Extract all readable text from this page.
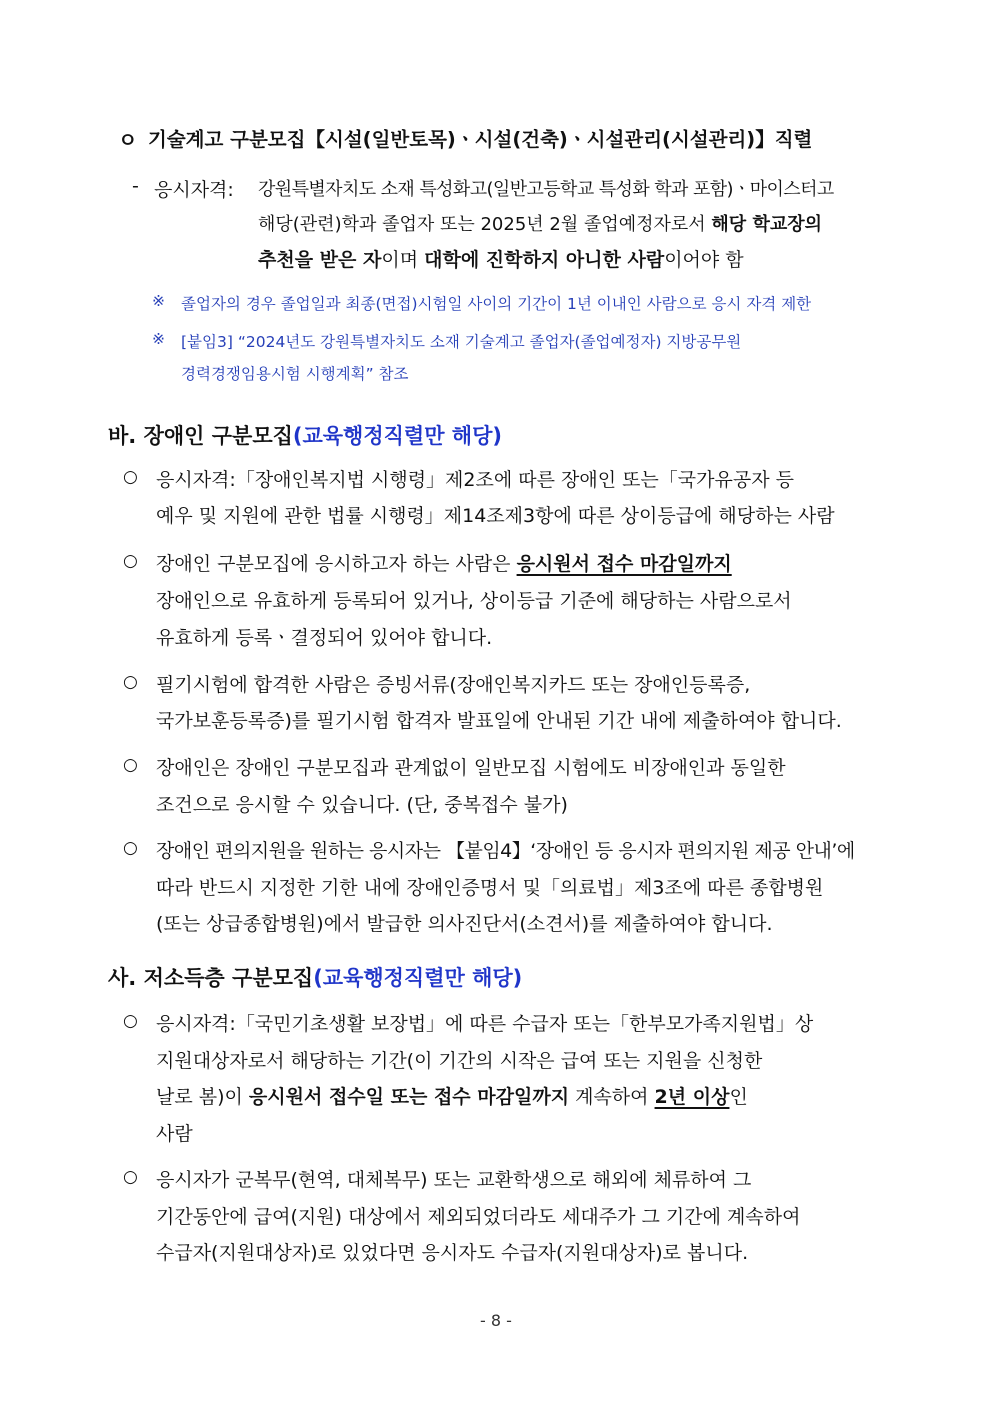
ㅇ 기술계고 구분모집【시설(일반토목)ㆍ시설(건축)ㆍ시설관리(시설관리)】직렬
- 응시자격: 강원특별자치도 소재 특성화고(일반고등학교 특성화 학과 포함)ㆍ마이스터고
해당(관련)학과 졸업자 또는 2025년 2월 졸업예정자로서 해당 학교장의
추천을 받은 자이며 대학에 진학하지 아니한 사람이어야 함
※ 졸업자의 경우 졸업일과 최종(면접)시험일 사이의 기간이 1년 이내인 사람으로 응시 자격 제한
※ [붙임3] “2024년도 강원특별자치도 소재 기술계고 졸업자(졸업예정자) 지방공무원
경력경쟁임용시험 시행계획” 참조
바. 장애인 구분모집(교육행정직렬만 해당)
○ 응시자격:「장애인복지법 시행령」제2조에 따른 장애인 또는「국가유공자 등
예우 및 지원에 관한 법률 시행령」제14조제3항에 따른 상이등급에 해당하는 사람
○ 장애인 구분모집에 응시하고자 하는 사람은 응시원서 접수 마감일까지
장애인으로 유효하게 등록되어 있거나, 상이등급 기준에 해당하는 사람으로서
유효하게 등록ㆍ결정되어 있어야 합니다.
○ 필기시험에 합격한 사람은 증빙서류(장애인복지카드 또는 장애인등록증,
국가보훈등록증)를 필기시험 합격자 발표일에 안내된 기간 내에 제출하여야 합니다.
○ 장애인은 장애인 구분모집과 관계없이 일반모집 시험에도 비장애인과 동일한
조건으로 응시할 수 있습니다. (단, 중복접수 불가)
○ 장애인 편의지원을 원하는 응시자는 【붙임4】‘장애인 등 응시자 편의지원 제공 안내’에
따라 반드시 지정한 기한 내에 장애인증명서 및「의료법」제3조에 따른 종합병원
(또는 상급종합병원)에서 발급한 의사진단서(소견서)를 제출하여야 합니다.
사. 저소득층 구분모집(교육행정직렬만 해당)
○ 응시자격:「국민기초생활 보장법」에 따른 수급자 또는「한부모가족지원법」상
지원대상자로서 해당하는 기간(이 기간의 시작은 급여 또는 지원을 신청한
날로 봄)이 응시원서 접수일 또는 접수 마감일까지 계속하여 2년 이상인
사람
○ 응시자가 군복무(현역, 대체복무) 또는 교환학생으로 해외에 체류하여 그
기간동안에 급여(지원) 대상에서 제외되었더라도 세대주가 그 기간에 계속하여
수급자(지원대상자)로 있었다면 응시자도 수급자(지원대상자)로 봅니다.
- 8 -
